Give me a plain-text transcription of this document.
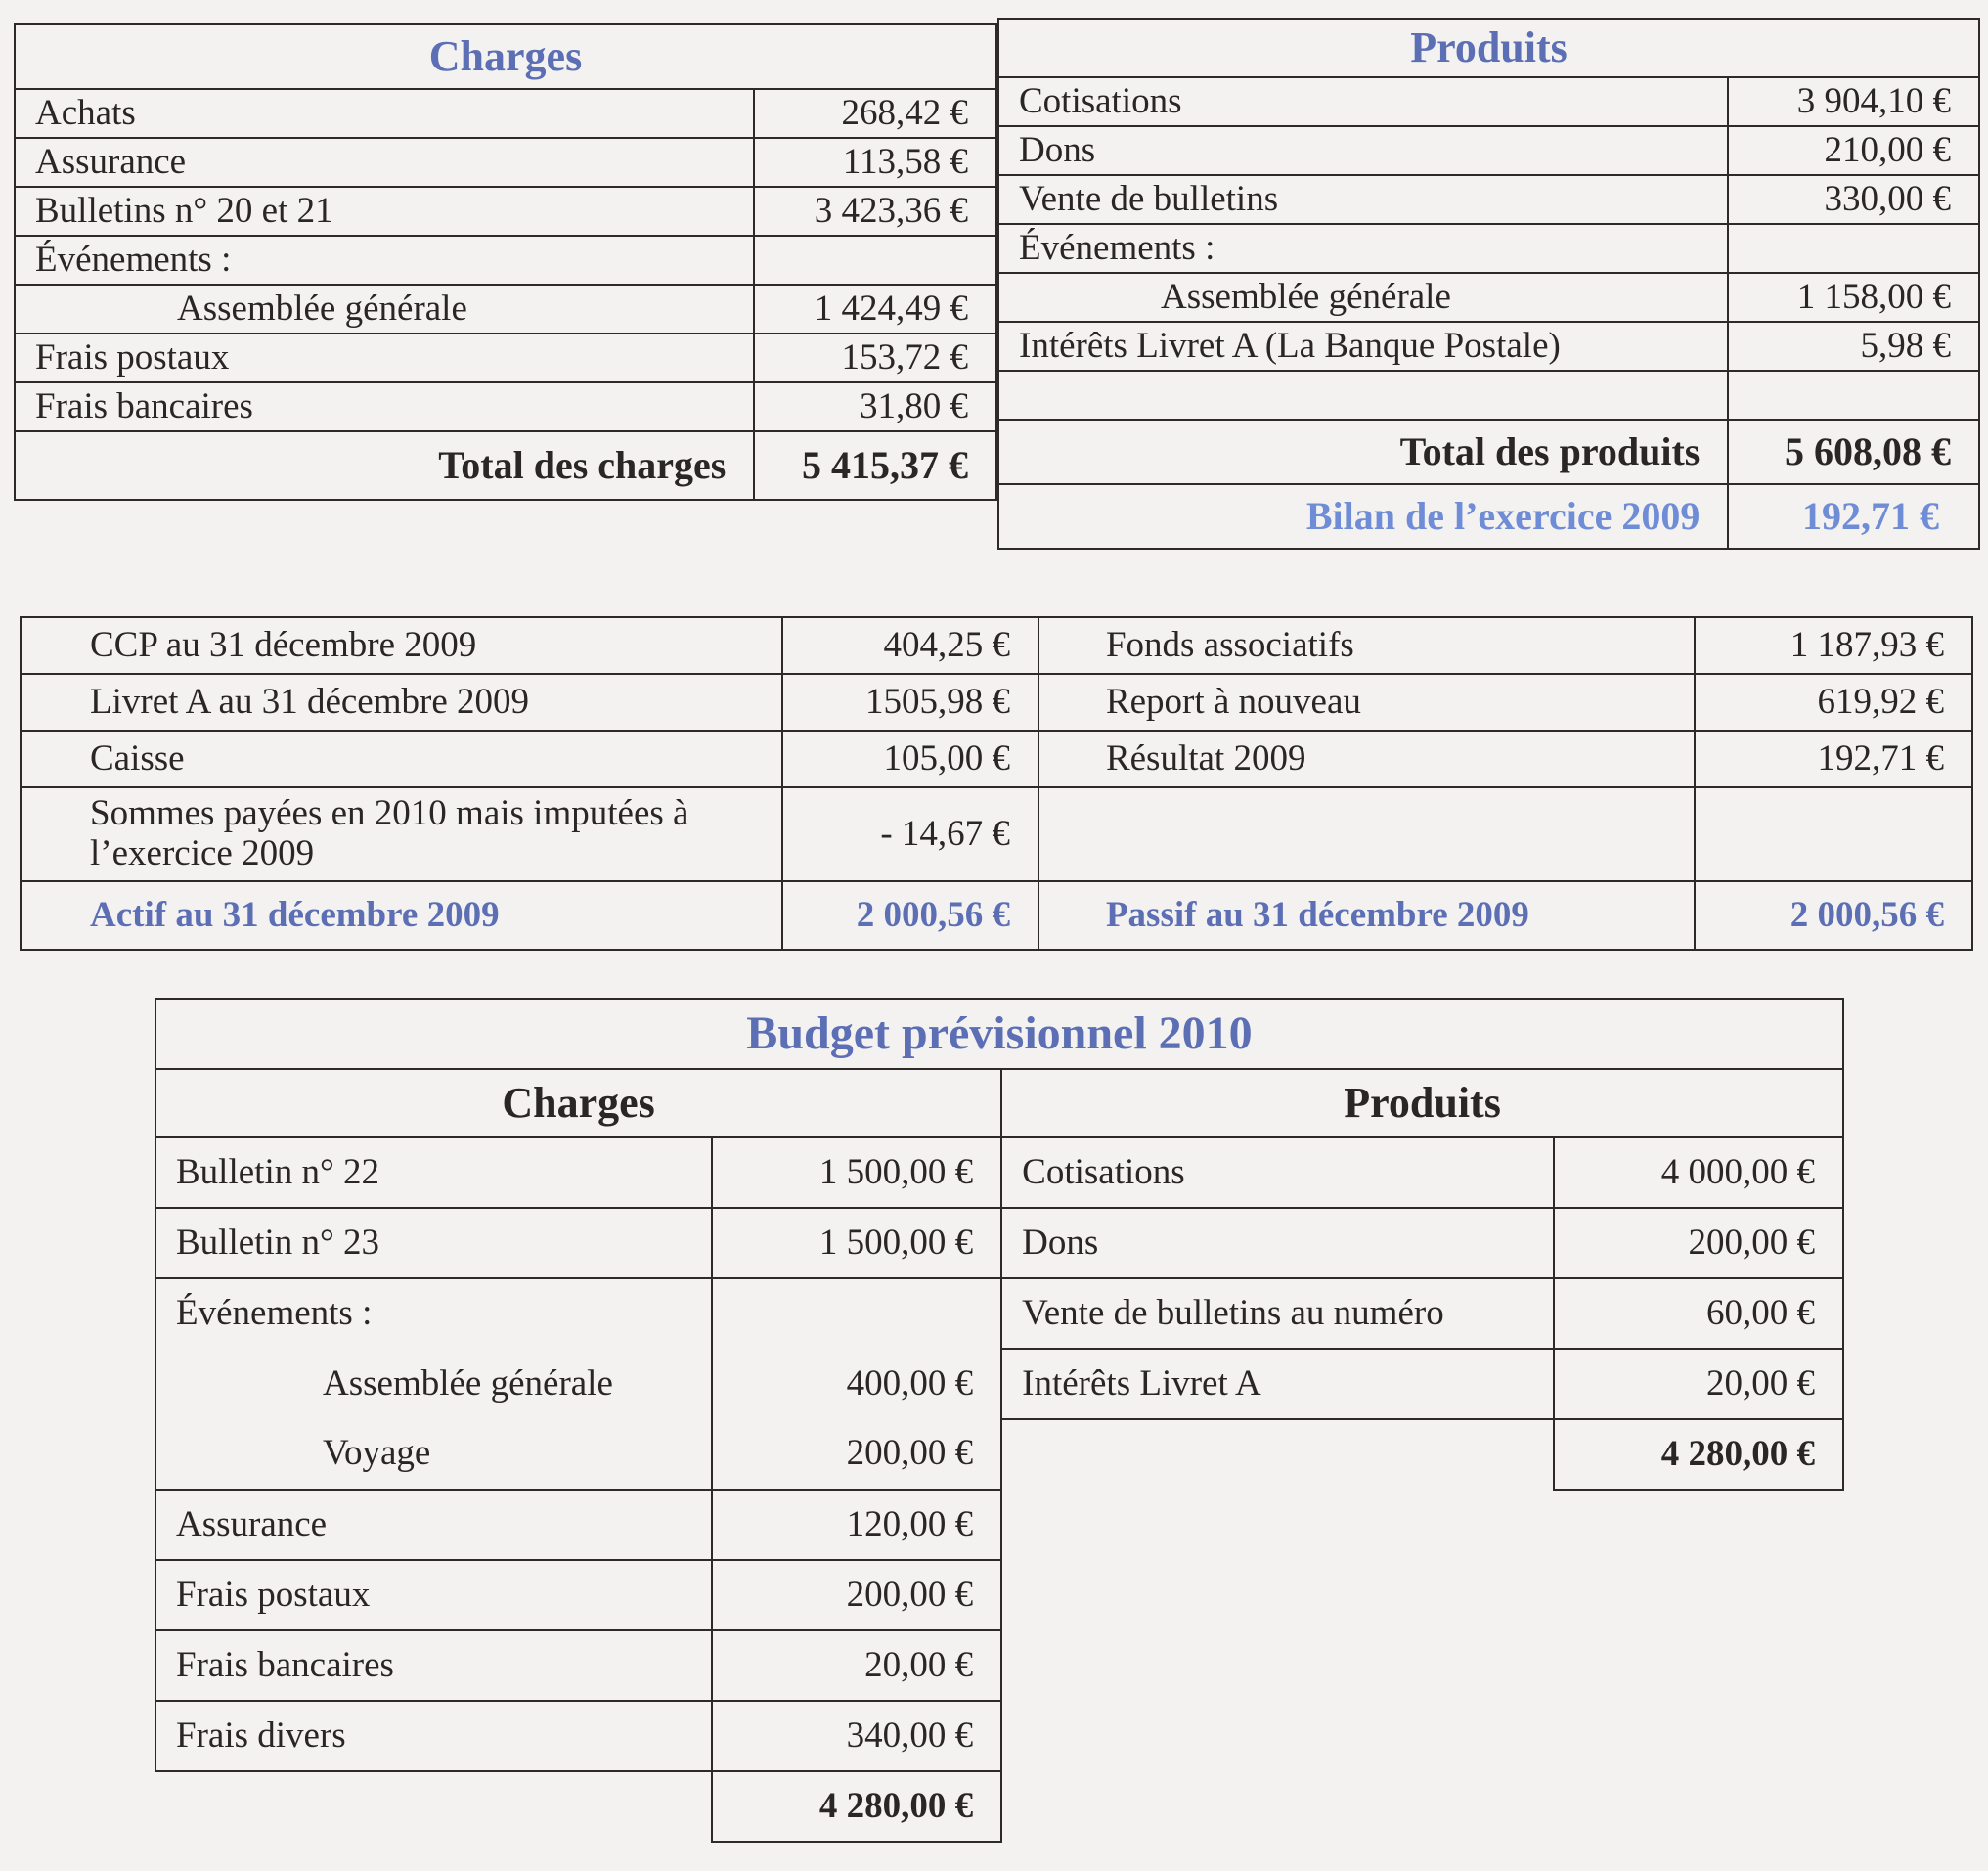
Charges	
Achats	268,42 €
Assurance	113,58 €
Bulletins n° 20 et 21	3 423,36 €
Événements :	
Assemblée générale	1 424,49 €
Frais postaux	153,72 €
Frais bancaires	31,80 €
Total des charges	5 415,37 €
Produits	
Cotisations	3 904,10 €
Dons	210,00 €
Vente de bulletins	330,00 €
Événements :	
Assemblée générale	1 158,00 €
Intérêts Livret A (La Banque Postale)	5,98 €

Total des produits	5 608,08 €
Bilan de l’exercice 2009	192,71 €
CCP au 31 décembre 2009	404,25 €	Fonds associatifs	1 187,93 €
Livret A au 31 décembre 2009	1505,98 €	Report à nouveau	619,92 €
Caisse	105,00 €	Résultat 2009	192,71 €
Sommes payées en 2010 mais imputées à l’exercice 2009	- 14,67 €		
Actif au 31 décembre 2009	2 000,56 €	Passif au 31 décembre 2009	2 000,56 €
Budget prévisionnel 2010			
Charges		Produits	
Bulletin n° 22	1 500,00 €	Cotisations	4 000,00 €
Bulletin n° 23	1 500,00 €	Dons	200,00 €
Événements :		Vente de bulletins au numéro	60,00 €
Assemblée générale	400,00 €	Intérêts Livret A	20,00 €
Voyage	200,00 €		4 280,00 €
Assurance	120,00 €		
Frais postaux	200,00 €		
Frais bancaires	20,00 €		
Frais divers	340,00 €		
	4 280,00 €		
